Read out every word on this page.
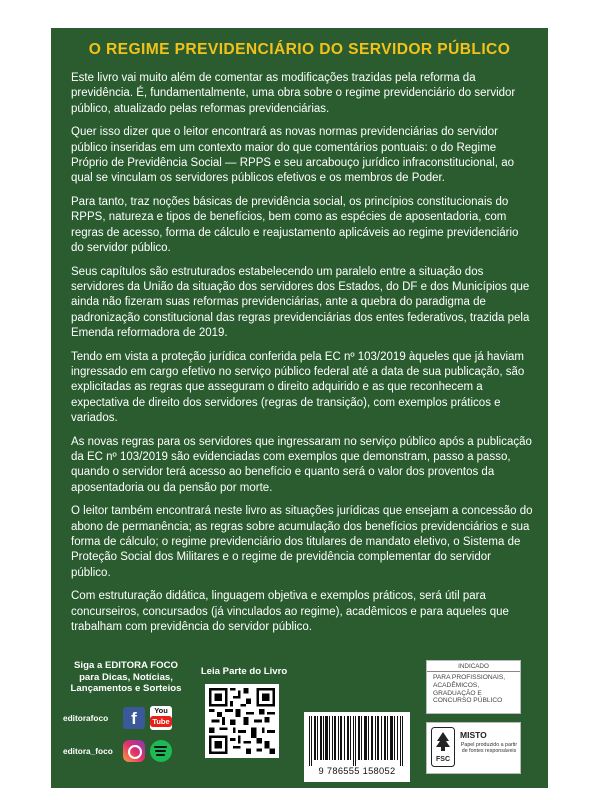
O REGIME PREVIDENCIÁRIO DO SERVIDOR PÚBLICO

Este livro vai muito além de comentar as modificações trazidas pela reforma da previdência. É, fundamentalmente, uma obra sobre o regime previdenciário do servidor público, atualizado pelas reformas previdenciárias.

Quer isso dizer que o leitor encontrará as novas normas previdenciárias do servidor público inseridas em um contexto maior do que comentários pontuais: o do Regime Próprio de Previdência Social — RPPS e seu arcabouço jurídico infraconstitucional, ao qual se vinculam os servidores públicos efetivos e os membros de Poder.

Para tanto, traz noções básicas de previdência social, os princípios constitucionais do RPPS, natureza e tipos de benefícios, bem como as espécies de aposentadoria, com regras de acesso, forma de cálculo e reajustamento aplicáveis ao regime previdenciário do servidor público.

Seus capítulos são estruturados estabelecendo um paralelo entre a situação dos servidores da União da situação dos servidores dos Estados, do DF e dos Municípios que ainda não fizeram suas reformas previdenciárias, ante a quebra do paradigma de padronização constitucional das regras previdenciárias dos entes federativos, trazida pela Emenda reformadora de 2019.

Tendo em vista a proteção jurídica conferida pela EC nº 103/2019 àqueles que já haviam ingressado em cargo efetivo no serviço público federal até a data de sua publicação, são explicitadas as regras que asseguram o direito adquirido e as que reconhecem a expectativa de direito dos servidores (regras de transição), com exemplos práticos e variados.

As novas regras para os servidores que ingressaram no serviço público após a publicação da EC nº 103/2019 são evidenciadas com exemplos que demonstram, passo a passo, quando o servidor terá acesso ao benefício e quanto será o valor dos proventos da aposentadoria ou da pensão por morte.

O leitor também encontrará neste livro as situações jurídicas que ensejam a concessão do abono de permanência; as regras sobre acumulação dos benefícios previdenciários e sua forma de cálculo; o regime previdenciário dos titulares de mandato eletivo, o Sistema de Proteção Social dos Militares e o regime de previdência complementar do servidor público.

Com estruturação didática, linguagem objetiva e exemplos práticos, será útil para concurseiros, concursados (já vinculados ao regime), acadêmicos e para aqueles que trabalham com previdência do servidor público.

Siga a EDITORA FOCO
para Dicas, Notícias,
Lançamentos e Sorteios
editorafoco	f	You
Tube
editora_foco
Leia Parte do Livro
9 786555 158052
INDICADO
PARA PROFISSIONAIS,
ACADÊMICOS,
GRADUAÇÃO E
CONCURSO PÚBLICO
FSC
MISTO
Papel produzido a partir de fontes responsáveis
